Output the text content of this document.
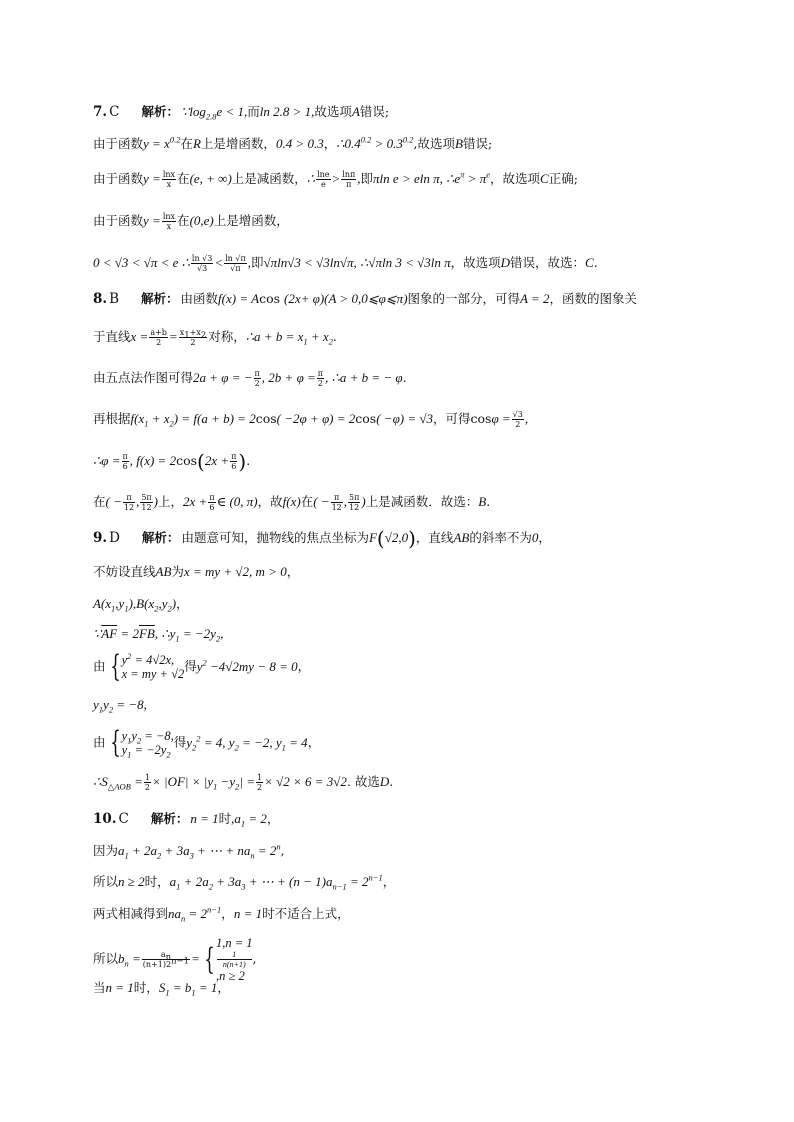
7. C 解析： $\because\log_{2.8}e < 1$,而ln 2.8 > 1,故选项A错误;
由于函数$y = x^{0.2}$在R上是增函数，0.4 > 0.3，$\therefore 0.4^{0.2} > 0.3^{0.2}$,故选项B错误;
由于函数$y = \frac{\ln x}{x}$ 在(e, + ∞)上是减函数，∴ $\frac{\ln e}{e} > \frac{\ln\pi}{\pi}$ ,即πln e > eln π, $\therefore e^\pi > \pi^e$，故选项C正确;
由于函数$y = \frac{\ln x}{x}$ 在(0,e)上是增函数，
0 < √3 < √π < e ∴ $\frac{\ln √3}{√3} < \frac{\ln √\pi}{√\pi}$ ,即√πln√3 < √3ln√π, ∴√πln 3 < √3ln π，故选项D错误，故选：C.
8. B 解析： 由函数f(x) = Acos (2x+ φ)(A > 0,0⩽φ⩽π)图象的一部分，可得A = 2，函数的图象关
于直线$x = \frac{a+b}{2} = \frac{x_1+x_2}{2}$ 对称，∴a + $b = x_1 + x_2$.
由五点法作图可得2a + φ = − $\frac{\pi}{2}$ , $2b + \varphi = \frac{\pi}{2}$ , ∴a + b = − φ.
再根据$f(x_1 + x_2) = f(a + b) = 2\cos( -2\varphi + \varphi) = 2\cos( -\varphi) = √3$，可得$\cos\varphi = \frac{√3}{2}$ ,
∴φ = $\frac{\pi}{6}$ , $f(x) = 2\cos(2x + \frac{\pi}{6}$ ).
在( − $\frac{\pi}{12}$ , $\frac{5\pi}{12}$ )上，$2x + \frac{\pi}{6}$ ∈ (0, π)，故f(x)在( − $\frac{\pi}{12}$ , $\frac{5\pi}{12}$ )上是减函数．故选：B.
9. D 解析： 由题意可知，抛物线的焦点坐标为F(√2,0)，直线AB的斜率不为0，
不妨设直线AB为x = my + √2, m > 0，
$A(x_1,y_1),B(x_2,y_2)$，
$\because\overline{AF} = 2\overline{FB}$, $\therefore y_1 = -2y_2$,
由 { $y^2 = 4√2x$,
x = my + √2
得$y^2 -4√2my - 8 = 0$，
$y_1y_2 = -8$,
由 { $y_1y_2 = -8$,
$y_1 = -2y_2$
得$y_2^2 = 4$, $y_2 = -2$, $y_1 = 4$，
$\therefore S_{\triangle AOB} = \frac{1}{2} \times |OF| \times |y_1 -y_2| = \frac{1}{2} \times √2 \times 6 = 3√2$. 故选D.
10. C 解析： n = 1时$,a_1 = 2$，
因为$a_1 + 2a_2 + 3a_3$ + ⋯ + $na_n = 2^n$,
所以n ≥ 2时，$a_1 + 2a_2 + 3a_3$ + ⋯ + $(n - 1)a_{n-1} = 2^{n-1}$，
两式相减得到$na_n = 2^{n-1}$，n = 1时不适合上式，
所以$b_n = \frac{a_n}{(n+1)2^{n-1}}$ = { 1,n = 1
1
n(n+1)
,n ≥ 2
,
当n = 1时，$S_1 = b_1 = 1$，
